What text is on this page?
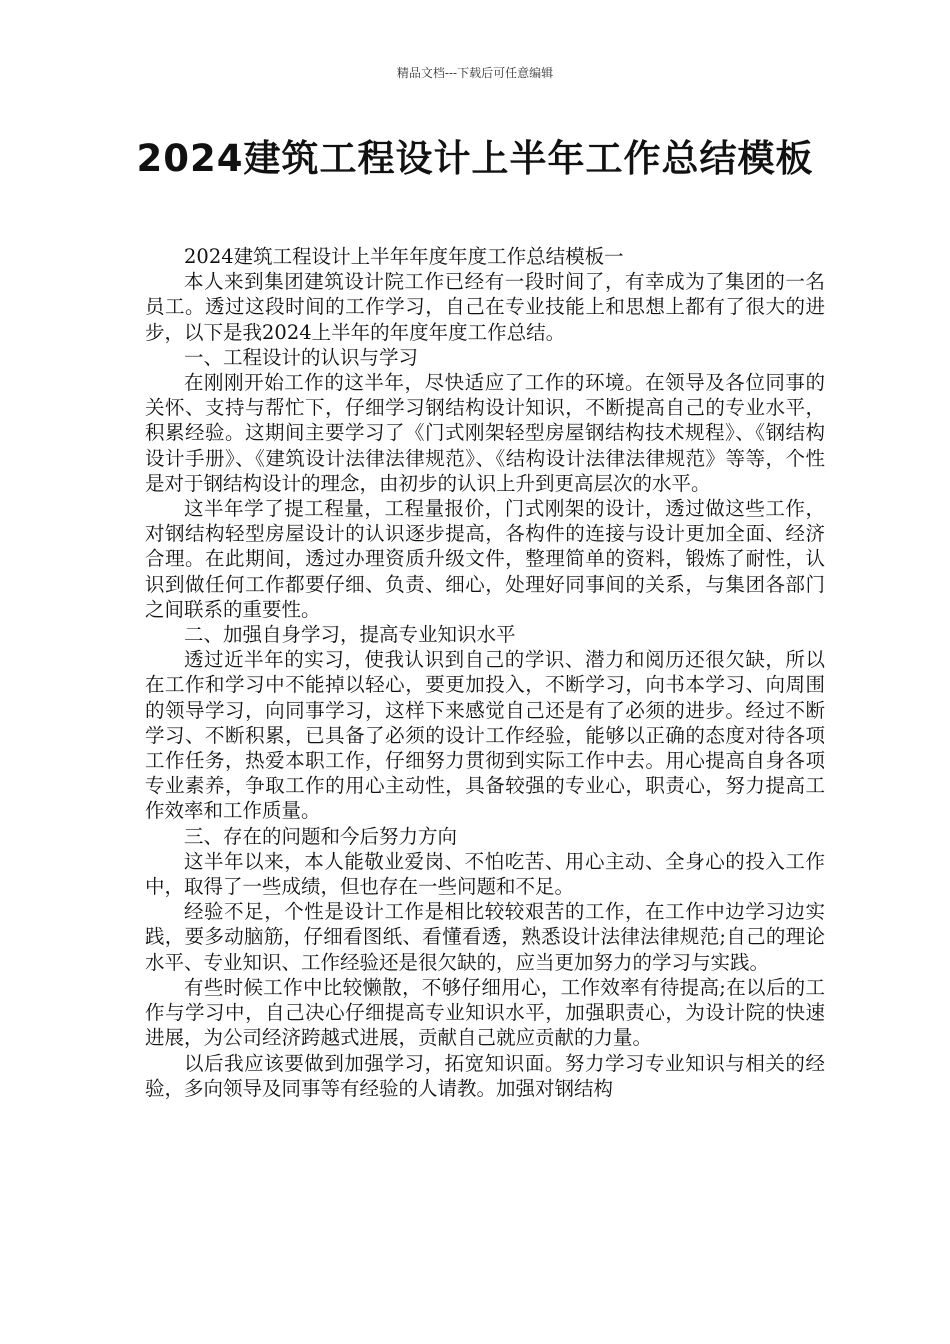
精品文档---下载后可任意编辑
2024建筑工程设计上半年工作总结模板

2024建筑工程设计上半年年度年度工作总结模板一

本人来到集团建筑设计院工作已经有一段时间了，有幸成为了集团的一名员工。透过这段时间的工作学习，自己在专业技能上和思想上都有了很大的进步，以下是我2024上半年的年度年度工作总结。

一、工程设计的认识与学习

在刚刚开始工作的这半年，尽快适应了工作的环境。在领导及各位同事的关怀、支持与帮忙下，仔细学习钢结构设计知识，不断提高自己的专业水平，积累经验。这期间主要学习了《门式刚架轻型房屋钢结构技术规程》、《钢结构设计手册》、《建筑设计法律法律规范》、《结构设计法律法律规范》等等，个性是对于钢结构设计的理念，由初步的认识上升到更高层次的水平。

这半年学了提工程量，工程量报价，门式刚架的设计，透过做这些工作，对钢结构轻型房屋设计的认识逐步提高，各构件的连接与设计更加全面、经济合理。在此期间，透过办理资质升级文件，整理简单的资料，锻炼了耐性，认识到做任何工作都要仔细、负责、细心，处理好同事间的关系，与集团各部门之间联系的重要性。

二、加强自身学习，提高专业知识水平

透过近半年的实习，使我认识到自己的学识、潜力和阅历还很欠缺，所以在工作和学习中不能掉以轻心，要更加投入，不断学习，向书本学习、向周围的领导学习，向同事学习，这样下来感觉自己还是有了必须的进步。经过不断学习、不断积累，已具备了必须的设计工作经验，能够以正确的态度对待各项工作任务，热爱本职工作，仔细努力贯彻到实际工作中去。用心提高自身各项专业素养，争取工作的用心主动性，具备较强的专业心，职责心，努力提高工作效率和工作质量。

三、存在的问题和今后努力方向

这半年以来，本人能敬业爱岗、不怕吃苦、用心主动、全身心的投入工作中，取得了一些成绩，但也存在一些问题和不足。

经验不足，个性是设计工作是相比较较艰苦的工作，在工作中边学习边实践，要多动脑筋，仔细看图纸、看懂看透，熟悉设计法律法律规范;自己的理论水平、专业知识、工作经验还是很欠缺的，应当更加努力的学习与实践。

有些时候工作中比较懒散，不够仔细用心，工作效率有待提高;在以后的工作与学习中，自己决心仔细提高专业知识水平，加强职责心，为设计院的快速进展，为公司经济跨越式进展，贡献自己就应贡献的力量。

以后我应该要做到加强学习，拓宽知识面。努力学习专业知识与相关的经验，多向领导及同事等有经验的人请教。加强对钢结构
